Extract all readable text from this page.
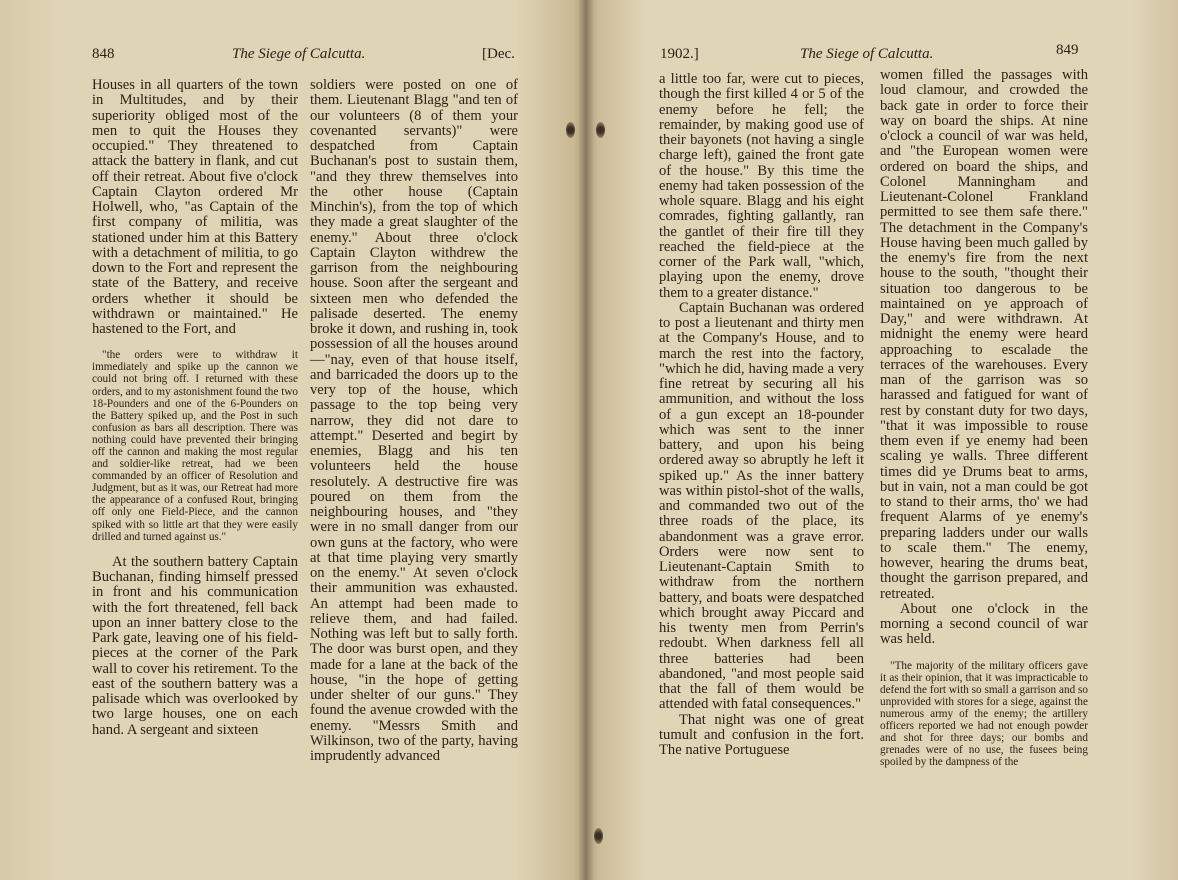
848	The Siege of Calcutta.	[Dec.

Houses in all quarters of the town in Multitudes, and by their superiority obliged most of the men to quit the Houses they occupied." They threatened to attack the battery in flank, and cut off their retreat. About five o'clock Captain Clayton ordered Mr Holwell, who, "as Captain of the first company of militia, was stationed under him at this Battery with a detachment of militia, to go down to the Fort and represent the state of the Battery, and receive orders whether it should be withdrawn or maintained." He hastened to the Fort, and

"the orders were to withdraw it immediately and spike up the cannon we could not bring off. I returned with these orders, and to my astonishment found the two 18-Pounders and one of the 6-Pounders on the Battery spiked up, and the Post in such confusion as bars all description. There was nothing could have prevented their bringing off the cannon and making the most regular and soldier-like retreat, had we been commanded by an officer of Resolution and Judgment, but as it was, our Retreat had more the appearance of a confused Rout, bringing off only one Field-Piece, and the cannon spiked with so little art that they were easily drilled and turned against us."

At the southern battery Captain Buchanan, finding himself pressed in front and his communication with the fort threatened, fell back upon an inner battery close to the Park gate, leaving one of his field-pieces at the corner of the Park wall to cover his retirement. To the east of the southern battery was a palisade which was overlooked by two large houses, one on each hand. A sergeant and sixteen

soldiers were posted on one of them. Lieutenant Blagg "and ten of our volunteers (8 of them your covenanted servants)" were despatched from Captain Buchanan's post to sustain them, "and they threw themselves into the other house (Captain Minchin's), from the top of which they made a great slaughter of the enemy." About three o'clock Captain Clayton withdrew the garrison from the neighbouring house. Soon after the sergeant and sixteen men who defended the palisade deserted. The enemy broke it down, and rushing in, took possession of all the houses around—"nay, even of that house itself, and barricaded the doors up to the very top of the house, which passage to the top being very narrow, they did not dare to attempt." Deserted and begirt by enemies, Blagg and his ten volunteers held the house resolutely. A destructive fire was poured on them from the neighbouring houses, and "they were in no small danger from our own guns at the factory, who were at that time playing very smartly on the enemy." At seven o'clock their ammunition was exhausted. An attempt had been made to relieve them, and had failed. Nothing was left but to sally forth. The door was burst open, and they made for a lane at the back of the house, "in the hope of getting under shelter of our guns." They found the avenue crowded with the enemy. "Messrs Smith and Wilkinson, two of the party, having imprudently advanced

1902.]	The Siege of Calcutta.	849

a little too far, were cut to pieces, though the first killed 4 or 5 of the enemy before he fell; the remainder, by making good use of their bayonets (not having a single charge left), gained the front gate of the house." By this time the enemy had taken possession of the whole square. Blagg and his eight comrades, fighting gallantly, ran the gantlet of their fire till they reached the field-piece at the corner of the Park wall, "which, playing upon the enemy, drove them to a greater distance."

Captain Buchanan was ordered to post a lieutenant and thirty men at the Company's House, and to march the rest into the factory, "which he did, having made a very fine retreat by securing all his ammunition, and without the loss of a gun except an 18-pounder which was sent to the inner battery, and upon his being ordered away so abruptly he left it spiked up." As the inner battery was within pistol-shot of the walls, and commanded two out of the three roads of the place, its abandonment was a grave error. Orders were now sent to Lieutenant-Captain Smith to withdraw from the northern battery, and boats were despatched which brought away Piccard and his twenty men from Perrin's redoubt. When darkness fell all three batteries had been abandoned, "and most people said that the fall of them would be attended with fatal consequences."

That night was one of great tumult and confusion in the fort. The native Portuguese

women filled the passages with loud clamour, and crowded the back gate in order to force their way on board the ships. At nine o'clock a council of war was held, and "the European women were ordered on board the ships, and Colonel Manningham and Lieutenant-Colonel Frankland permitted to see them safe there." The detachment in the Company's House having been much galled by the enemy's fire from the next house to the south, "thought their situation too dangerous to be maintained on ye approach of Day," and were withdrawn. At midnight the enemy were heard approaching to escalade the terraces of the warehouses. Every man of the garrison was so harassed and fatigued for want of rest by constant duty for two days, "that it was impossible to rouse them even if ye enemy had been scaling ye walls. Three different times did ye Drums beat to arms, but in vain, not a man could be got to stand to their arms, tho' we had frequent Alarms of ye enemy's preparing ladders under our walls to scale them." The enemy, however, hearing the drums beat, thought the garrison prepared, and retreated.

About one o'clock in the morning a second council of war was held.

"The majority of the military officers gave it as their opinion, that it was impracticable to defend the fort with so small a garrison and so unprovided with stores for a siege, against the numerous army of the enemy; the artillery officers reported we had not enough powder and shot for three days; our bombs and grenades were of no use, the fusees being spoiled by the dampness of the
